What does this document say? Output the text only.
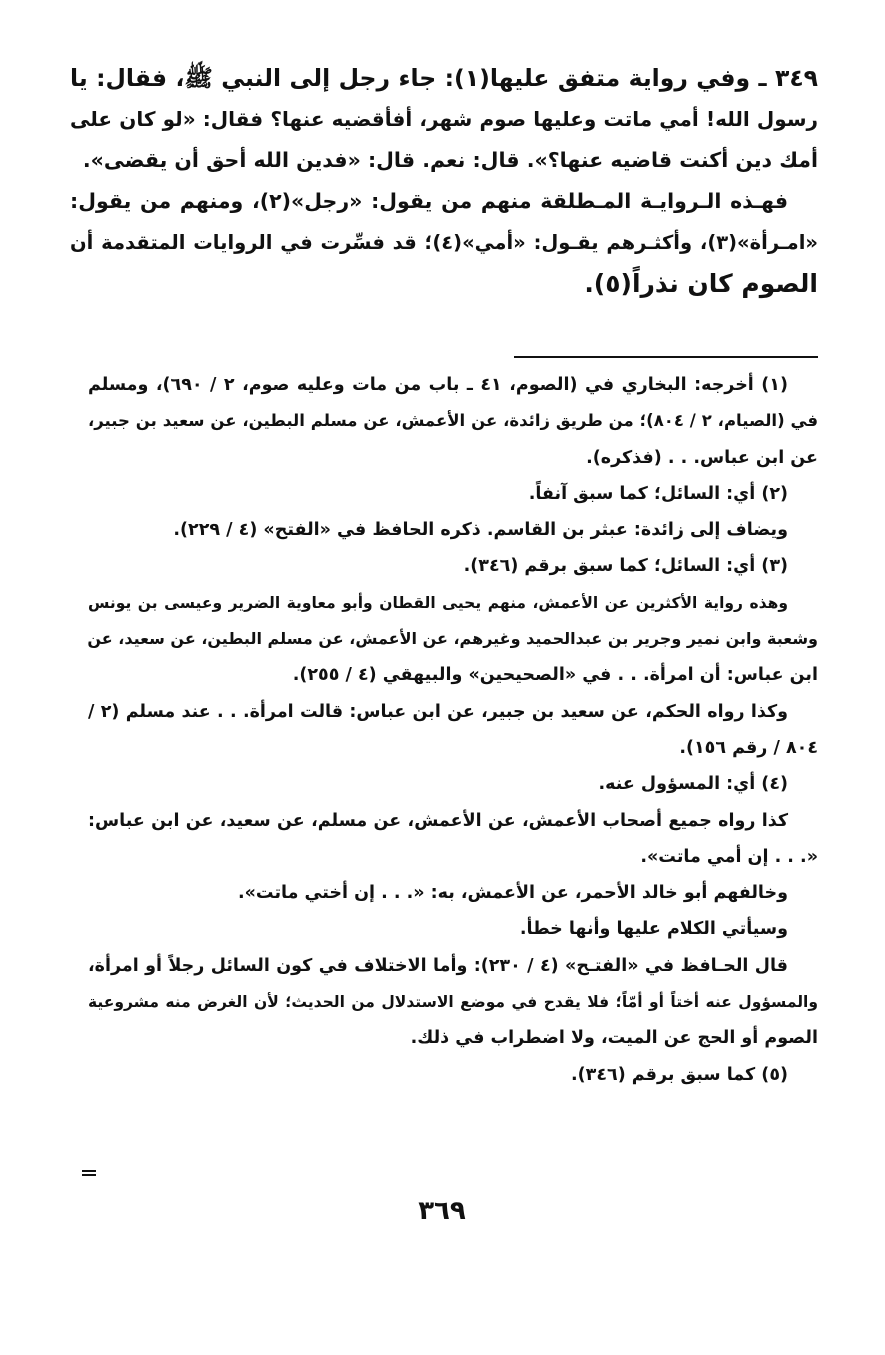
٣٤٩ ـ وفي رواية متفق عليها(١): جاء رجل إلى النبي ﷺ، فقال: يا
رسول الله! أمي ماتت وعليها صوم شهر، أفأقضيه عنها؟ فقال: «لو كان على
أمك دين أكنت قاضيه عنها؟». قال: نعم. قال: «فدين الله أحق أن يقضى».
فهـذه الـروايـة المـطلقة منهم من يقول: «رجل»(٢)، ومنهم من يقول:
«امـرأة»(٣)، وأكثـرهم يقـول: «أمي»(٤)؛ قد فسِّرت في الروايات المتقدمة أن
الصوم كان نذراً(٥).
(١) أخرجه: البخاري في (الصوم، ٤١ ـ باب من مات وعليه صوم، ٢ / ٦٩٠)، ومسلم
في (الصيام، ٢ / ٨٠٤)؛ من طريق زائدة، عن الأعمش، عن مسلم البطين، عن سعيد بن جبير،
عن ابن عباس. . . (فذكره).
(٢) أي: السائل؛ كما سبق آنفاً.
ويضاف إلى زائدة: عبثر بن القاسم. ذكره الحافظ في «الفتح» (٤ / ٢٢٩).
(٣) أي: السائل؛ كما سبق برقم (٣٤٦).
وهذه رواية الأكثرين عن الأعمش، منهم يحيى القطان وأبو معاوية الضرير وعيسى بن يونس
وشعبة وابن نمير وجرير بن عبدالحميد وغيرهم، عن الأعمش، عن مسلم البطين، عن سعيد، عن
ابن عباس: أن امرأة. . . في «الصحيحين» والبيهقي (٤ / ٢٥٥).
وكذا رواه الحكم، عن سعيد بن جبير، عن ابن عباس: قالت امرأة. . . عند مسلم (٢ /
٨٠٤ / رقم ١٥٦).
(٤) أي: المسؤول عنه.
كذا رواه جميع أصحاب الأعمش، عن الأعمش، عن مسلم، عن سعيد، عن ابن عباس:
«. . . إن أمي ماتت».
وخالفهم أبو خالد الأحمر، عن الأعمش، به: «. . . إن أختي ماتت».
وسيأتي الكلام عليها وأنها خطأ.
قال الحـافظ في «الفتـح» (٤ / ٢٣٠): وأما الاختلاف في كون السائل رجلاً أو امرأة،
والمسؤول عنه أختاً أو أمّاً؛ فلا يقدح في موضع الاستدلال من الحديث؛ لأن الغرض منه مشروعية
الصوم أو الحج عن الميت، ولا اضطراب في ذلك.
(٥) كما سبق برقم (٣٤٦).
٣٦٩
